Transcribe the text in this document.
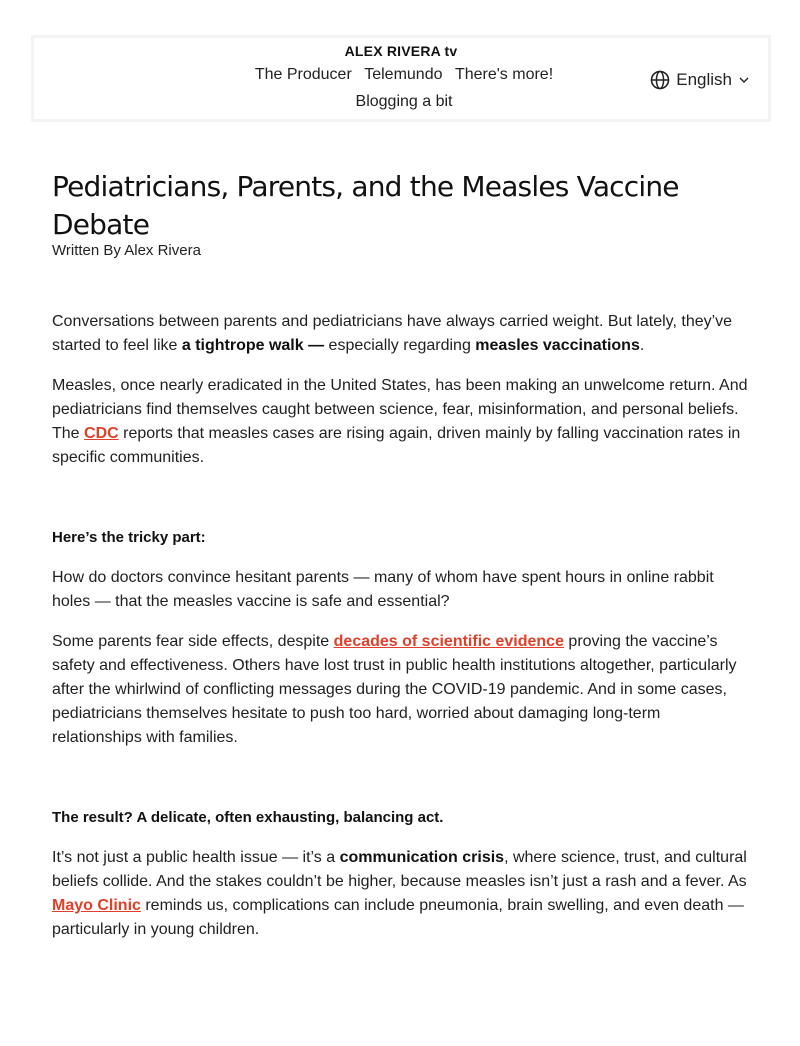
ALEX RIVERA tv
The Producer Telemundo There's more!
Blogging a bit
English
Pediatricians, Parents, and the Measles Vaccine Debate
Written By Alex Rivera

Conversations between parents and pediatricians have always carried weight. But lately, they’ve started to feel like a tightrope walk — especially regarding measles vaccinations.

Measles, once nearly eradicated in the United States, has been making an unwelcome return. And pediatricians find themselves caught between science, fear, misinformation, and personal beliefs. The CDC reports that measles cases are rising again, driven mainly by falling vaccination rates in specific communities.

Here’s the tricky part:

How do doctors convince hesitant parents — many of whom have spent hours in online rabbit holes — that the measles vaccine is safe and essential?

Some parents fear side effects, despite decades of scientific evidence proving the vaccine’s safety and effectiveness. Others have lost trust in public health institutions altogether, particularly after the whirlwind of conflicting messages during the COVID-19 pandemic. And in some cases, pediatricians themselves hesitate to push too hard, worried about damaging long-term relationships with families.

The result? A delicate, often exhausting, balancing act.

It’s not just a public health issue — it’s a communication crisis, where science, trust, and cultural beliefs collide. And the stakes couldn’t be higher, because measles isn’t just a rash and a fever. As Mayo Clinic reminds us, complications can include pneumonia, brain swelling, and even death — particularly in young children.
